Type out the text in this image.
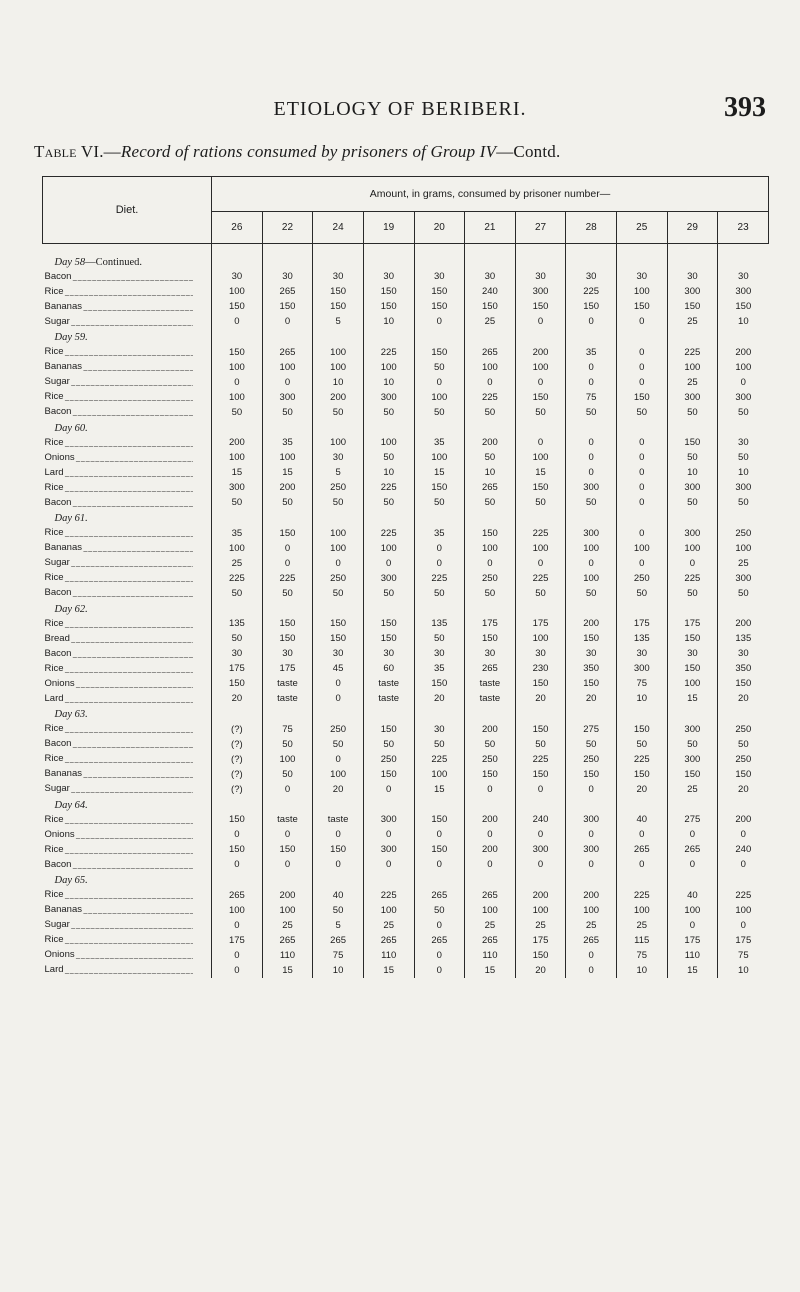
ETIOLOGY OF BERIBERI.	393
Table VI.—Record of rations consumed by prisoners of Group IV—Contd.
Diet.	Amount, in grams, consumed by prisoner number—										
	26	22	24	19	20	21	27	28	25	29	23

Day 58—Continued.											
Bacon _ _ _	30	30	30	30	30	30	30	30	30	30	30
Rice _ _ _	100	265	150	150	150	240	300	225	100	300	300
Bananas _ _ _	150	150	150	150	150	150	150	150	150	150	150
Sugar _ _ _	0	0	5	10	0	25	0	0	0	25	10
Day 59.											
Rice _ _ _	150	265	100	225	150	265	200	35	0	225	200
Bananas _ _ _	100	100	100	100	50	100	100	0	0	100	100
Sugar _ _ _	0	0	10	10	0	0	0	0	0	25	0
Rice _ _ _	100	300	200	300	100	225	150	75	150	300	300
Bacon _ _ _	50	50	50	50	50	50	50	50	50	50	50
Day 60.											
Rice _ _ _	200	35	100	100	35	200	0	0	0	150	30
Onions _ _ _	100	100	30	50	100	50	100	0	0	50	50
Lard _ _ _	15	15	5	10	15	10	15	0	0	10	10
Rice _ _ _	300	200	250	225	150	265	150	300	0	300	300
Bacon _ _ _	50	50	50	50	50	50	50	50	0	50	50
Day 61.											
Rice _ _ _	35	150	100	225	35	150	225	300	0	300	250
Bananas _ _ _	100	0	100	100	0	100	100	100	100	100	100
Sugar _ _ _	25	0	0	0	0	0	0	0	0	0	25
Rice _ _ _	225	225	250	300	225	250	225	100	250	225	300
Bacon _ _ _	50	50	50	50	50	50	50	50	50	50	50
Day 62.											
Rice _ _ _	135	150	150	150	135	175	175	200	175	175	200
Bread _ _ _	50	150	150	150	50	150	100	150	135	150	135
Bacon _ _ _	30	30	30	30	30	30	30	30	30	30	30
Rice _ _ _	175	175	45	60	35	265	230	350	300	150	350
Onions _ _ _	150	taste	0	taste	150	taste	150	150	75	100	150
Lard _ _ _	20	taste	0	taste	20	taste	20	20	10	15	20
Day 63.											
Rice _ _ _	(?)	75	250	150	30	200	150	275	150	300	250
Bacon _ _ _	(?)	50	50	50	50	50	50	50	50	50	50
Rice _ _ _	(?)	100	0	250	225	250	225	250	225	300	250
Bananas _ _ _	(?)	50	100	150	100	150	150	150	150	150	150
Sugar _ _ _	(?)	0	20	0	15	0	0	0	20	25	20
Day 64.											
Rice _ _ _	150	taste	taste	300	150	200	240	300	40	275	200
Onions _ _ _	0	0	0	0	0	0	0	0	0	0	0
Rice _ _ _	150	150	150	300	150	200	300	300	265	265	240
Bacon _ _ _	0	0	0	0	0	0	0	0	0	0	0
Day 65.											
Rice _ _ _	265	200	40	225	265	265	200	200	225	40	225
Bananas _ _ _	100	100	50	100	50	100	100	100	100	100	100
Sugar _ _ _	0	25	5	25	0	25	25	25	25	0	0
Rice _ _ _	175	265	265	265	265	265	175	265	115	175	175
Onions _ _ _	0	110	75	110	0	110	150	0	75	110	75
Lard _ _ _	0	15	10	15	0	15	20	0	10	15	10
